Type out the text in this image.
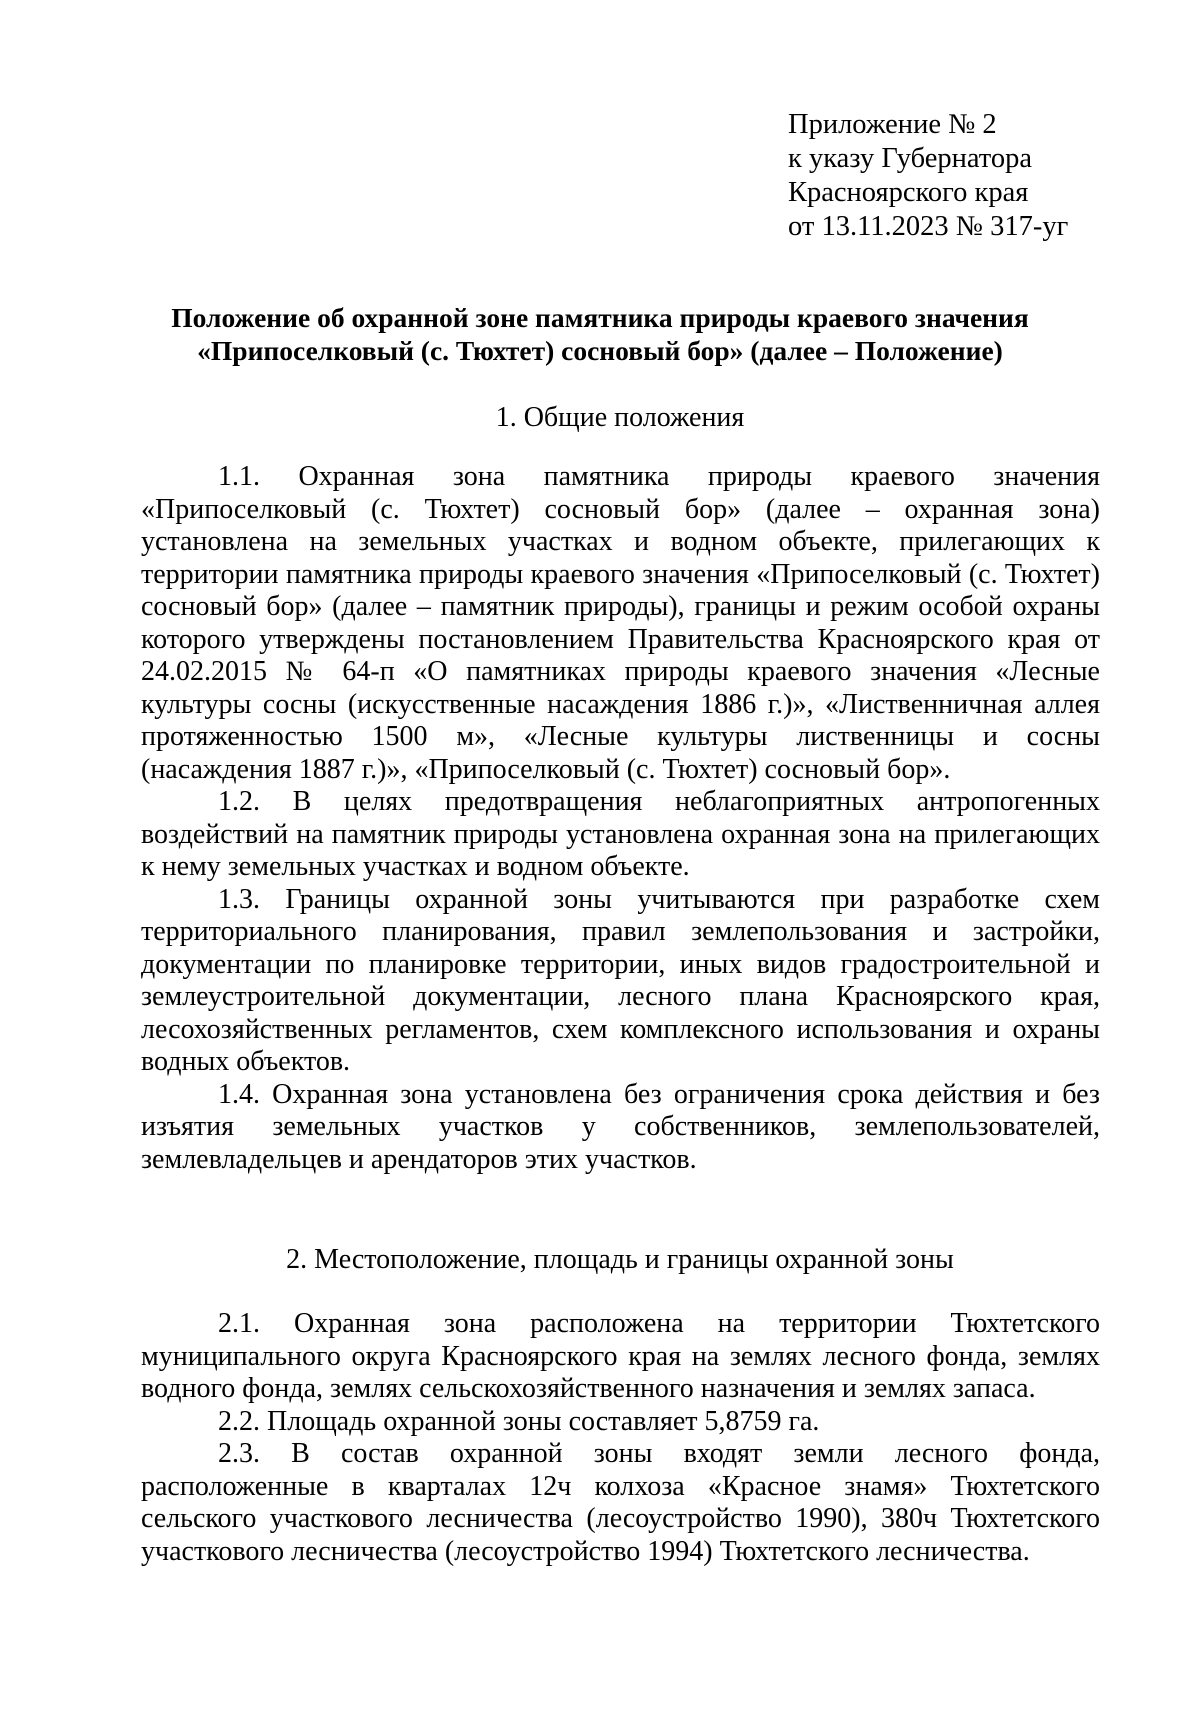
Приложение № 2
к указу Губернатора
Красноярского края
от 13.11.2023 № 317-уг
Положение об охранной зоне памятника природы краевого значения
«Припоселковый (с. Тюхтет) сосновый бор» (далее – Положение)
1. Общие положения

1.1. Охранная зона памятника природы краевого значения «Припоселковый (с. Тюхтет) сосновый бор» (далее – охранная зона) установлена на земельных участках и водном объекте, прилегающих к территории памятника природы краевого значения «Припоселковый (с. Тюхтет) сосновый бор» (далее – памятник природы), границы и режим особой охраны которого утверждены постановлением Правительства Красноярского края от 24.02.2015 № 64-п «О памятниках природы краевого значения «Лесные культуры сосны (искусственные насаждения 1886 г.)», «Лиственничная аллея протяженностью 1500 м», «Лесные культуры лиственницы и сосны (насаждения 1887 г.)», «Припоселковый (с. Тюхтет) сосновый бор».

1.2. В целях предотвращения неблагоприятных антропогенных воздействий на памятник природы установлена охранная зона на прилегающих к нему земельных участках и водном объекте.

1.3. Границы охранной зоны учитываются при разработке схем территориального планирования, правил землепользования и застройки, документации по планировке территории, иных видов градостроительной и землеустроительной документации, лесного плана Красноярского края, лесохозяйственных регламентов, схем комплексного использования и охраны водных объектов.

1.4. Охранная зона установлена без ограничения срока действия и без изъятия земельных участков у собственников, землепользователей, землевладельцев и арендаторов этих участков.

2. Местоположение, площадь и границы охранной зоны

2.1. Охранная зона расположена на территории Тюхтетского муниципального округа Красноярского края на землях лесного фонда, землях водного фонда, землях сельскохозяйственного назначения и землях запаса.

2.2. Площадь охранной зоны составляет 5,8759 га.

2.3. В состав охранной зоны входят земли лесного фонда, расположенные в кварталах 12ч колхоза «Красное знамя» Тюхтетского сельского участкового лесничества (лесоустройство 1990), 380ч Тюхтетского участкового лесничества (лесоустройство 1994) Тюхтетского лесничества.
